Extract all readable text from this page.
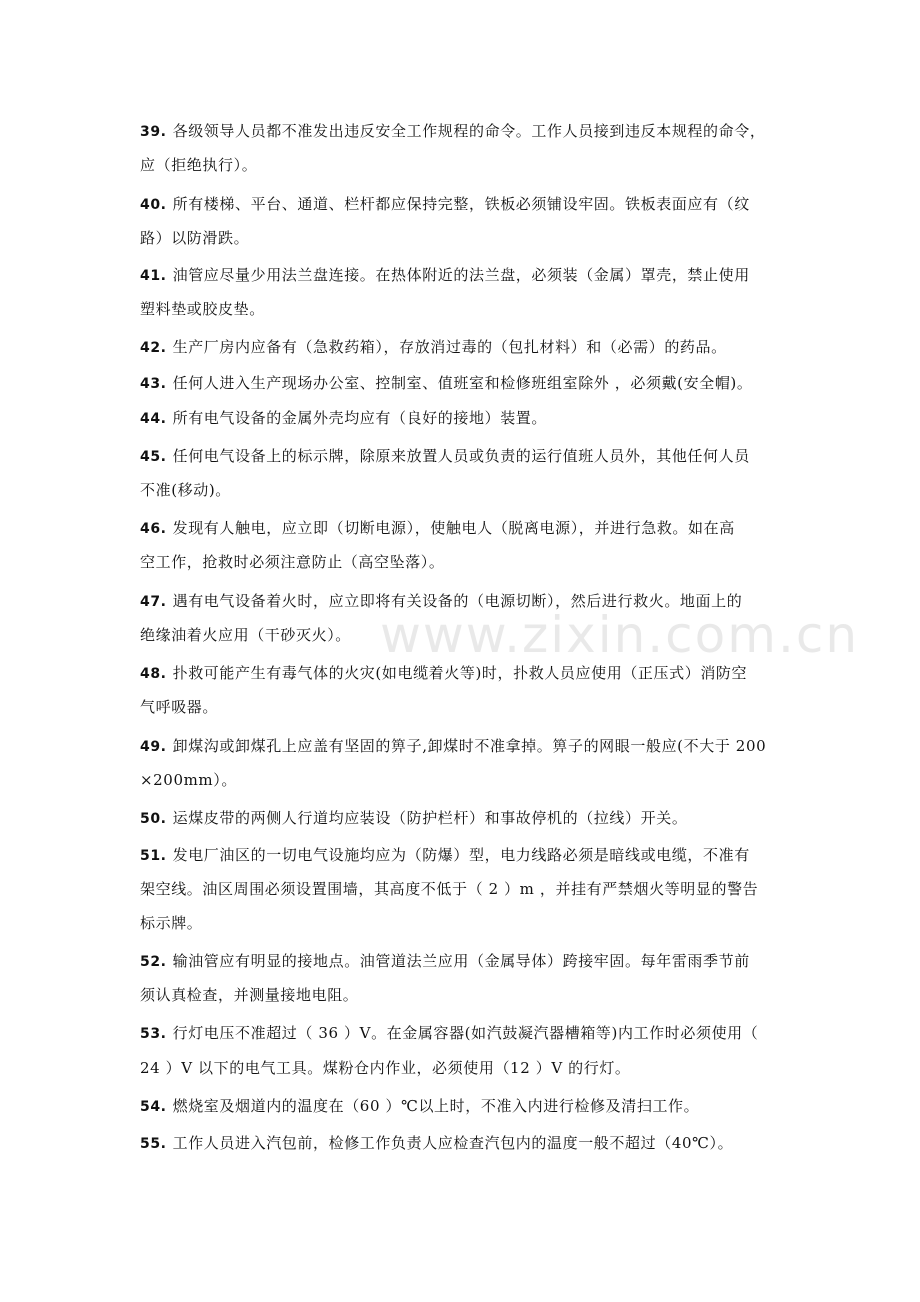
39. 各级领导人员都不准发出违反安全工作规程的命令。工作人员接到违反本规程的命令，
应（拒绝执行）。
40. 所有楼梯、平台、通道、栏杆都应保持完整，铁板必须铺设牢固。铁板表面应有（纹
路）以防滑跌。
41. 油管应尽量少用法兰盘连接。在热体附近的法兰盘，必须装（金属）罩壳，禁止使用
塑料垫或胶皮垫。
42. 生产厂房内应备有（急救药箱），存放消过毒的（包扎材料）和（必需）的药品。
43. 任何人进入生产现场办公室、控制室、值班室和检修班组室除外 ，必须戴(安全帽)。
44. 所有电气设备的金属外壳均应有（良好的接地）装置。
45. 任何电气设备上的标示牌，除原来放置人员或负责的运行值班人员外，其他任何人员
不准(移动)。
46. 发现有人触电，应立即（切断电源），使触电人（脱离电源），并进行急救。如在高
空工作，抢救时必须注意防止（高空坠落）。
47. 遇有电气设备着火时，应立即将有关设备的（电源切断），然后进行救火。地面上的
绝缘油着火应用（干砂灭火）。
48. 扑救可能产生有毒气体的火灾(如电缆着火等)时，扑救人员应使用（正压式）消防空
气呼吸器。
49. 卸煤沟或卸煤孔上应盖有坚固的箅子,卸煤时不准拿掉。箅子的网眼一般应(不大于 200
×200mm）。
50. 运煤皮带的两侧人行道均应装设（防护栏杆）和事故停机的（拉线）开关。
51. 发电厂油区的一切电气设施均应为（防爆）型，电力线路必须是暗线或电缆，不准有
架空线。油区周围必须设置围墙，其高度不低于（ 2 ）m ，并挂有严禁烟火等明显的警告
标示牌。
52. 输油管应有明显的接地点。油管道法兰应用（金属导体）跨接牢固。每年雷雨季节前
须认真检查，并测量接地电阻。
53. 行灯电压不准超过（ 36 ）V。在金属容器(如汽鼓凝汽器槽箱等)内工作时必须使用（
24 ）V 以下的电气工具。煤粉仓内作业，必须使用（12 ）V 的行灯。
54. 燃烧室及烟道内的温度在（60 ）℃以上时，不准入内进行检修及清扫工作。
55. 工作人员进入汽包前，检修工作负责人应检查汽包内的温度一般不超过（40℃）。
www.zixin.com.cn
